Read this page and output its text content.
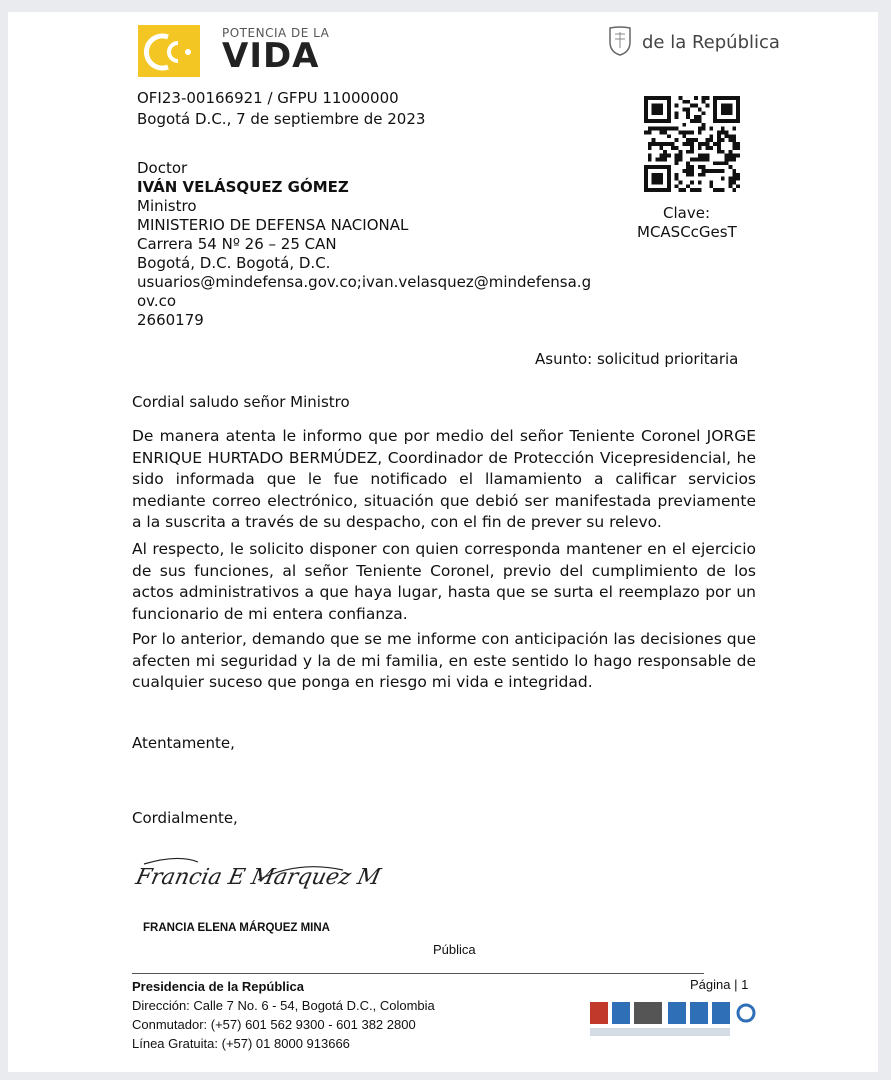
POTENCIA DE LA
VIDA	de la República
OFI23-00166921 / GFPU 11000000
Bogotá D.C., 7 de septiembre de 2023
Clave:
MCASCcGesT
Doctor
IVÁN VELÁSQUEZ GÓMEZ
Ministro
MINISTERIO DE DEFENSA NACIONAL
Carrera 54 Nº 26 – 25 CAN
Bogotá, D.C. Bogotá, D.C.
usuarios@mindefensa.gov.co;ivan.velasquez@mindefensa.g
ov.co
2660179
Asunto: solicitud prioritaria
Cordial saludo señor Ministro

De manera atenta le informo que por medio del señor Teniente Coronel JORGE ENRIQUE HURTADO BERMÚDEZ, Coordinador de Protección Vicepresidencial, he sido informada que le fue notificado el llamamiento a calificar servicios mediante correo electrónico, situación que debió ser manifestada previamente a la suscrita a través de su despacho, con el fin de prever su relevo.

Al respecto, le solicito disponer con quien corresponda mantener en el ejercicio de sus funciones, al señor Teniente Coronel, previo del cumplimiento de los actos administrativos a que haya lugar, hasta que se surta el reemplazo por un funcionario de mi entera confianza.

Por lo anterior, demando que se me informe con anticipación las decisiones que afecten mi seguridad y la de mi familia, en este sentido lo hago responsable de cualquier suceso que ponga en riesgo mi vida e integridad.

Atentamente,
Cordialmente,
Francia E Marquez M
FRANCIA ELENA MÁRQUEZ MINA
Pública
Presidencia de la República
Dirección: Calle 7 No. 6 - 54, Bogotá D.C., Colombia
Conmutador: (+57) 601 562 9300 - 601 382 2800
Línea Gratuita: (+57) 01 8000 913666
Página | 1
